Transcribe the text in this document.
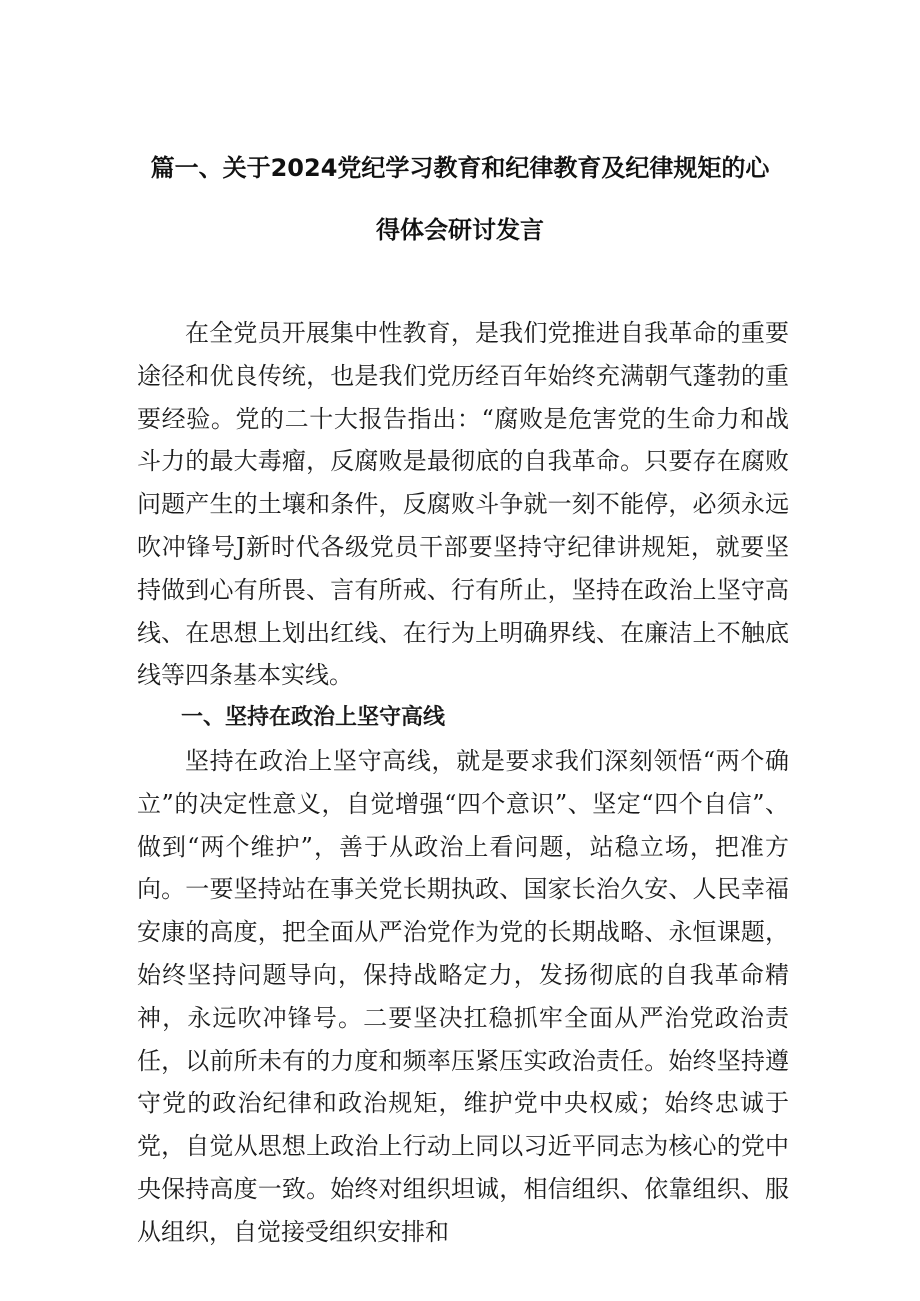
篇一、关于2024党纪学习教育和纪律教育及纪律规矩的心
得体会研讨发言

在全党员开展集中性教育，是我们党推进自我革命的重要途径和优良传统，也是我们党历经百年始终充满朝气蓬勃的重要经验。党的二十大报告指出：“腐败是危害党的生命力和战斗力的最大毒瘤，反腐败是最彻底的自我革命。只要存在腐败问题产生的土壤和条件，反腐败斗争就一刻不能停，必须永远吹冲锋号J新时代各级党员干部要坚持守纪律讲规矩，就要坚持做到心有所畏、言有所戒、行有所止，坚持在政治上坚守高线、在思想上划出红线、在行为上明确界线、在廉洁上不触底线等四条基本实线。

一、坚持在政治上坚守高线

坚持在政治上坚守高线，就是要求我们深刻领悟“两个确立”的决定性意义，自觉增强“四个意识”、坚定“四个自信”、做到“两个维护”，善于从政治上看问题，站稳立场，把准方向。一要坚持站在事关党长期执政、国家长治久安、人民幸福安康的高度，把全面从严治党作为党的长期战略、永恒课题，始终坚持问题导向，保持战略定力，发扬彻底的自我革命精神，永远吹冲锋号。二要坚决扛稳抓牢全面从严治党政治责任，以前所未有的力度和频率压紧压实政治责任。始终坚持遵守党的政治纪律和政治规矩，维护党中央权威；始终忠诚于党，自觉从思想上政治上行动上同以习近平同志为核心的党中央保持高度一致。始终对组织坦诚，相信组织、依靠组织、服从组织，自觉接受组织安排和
